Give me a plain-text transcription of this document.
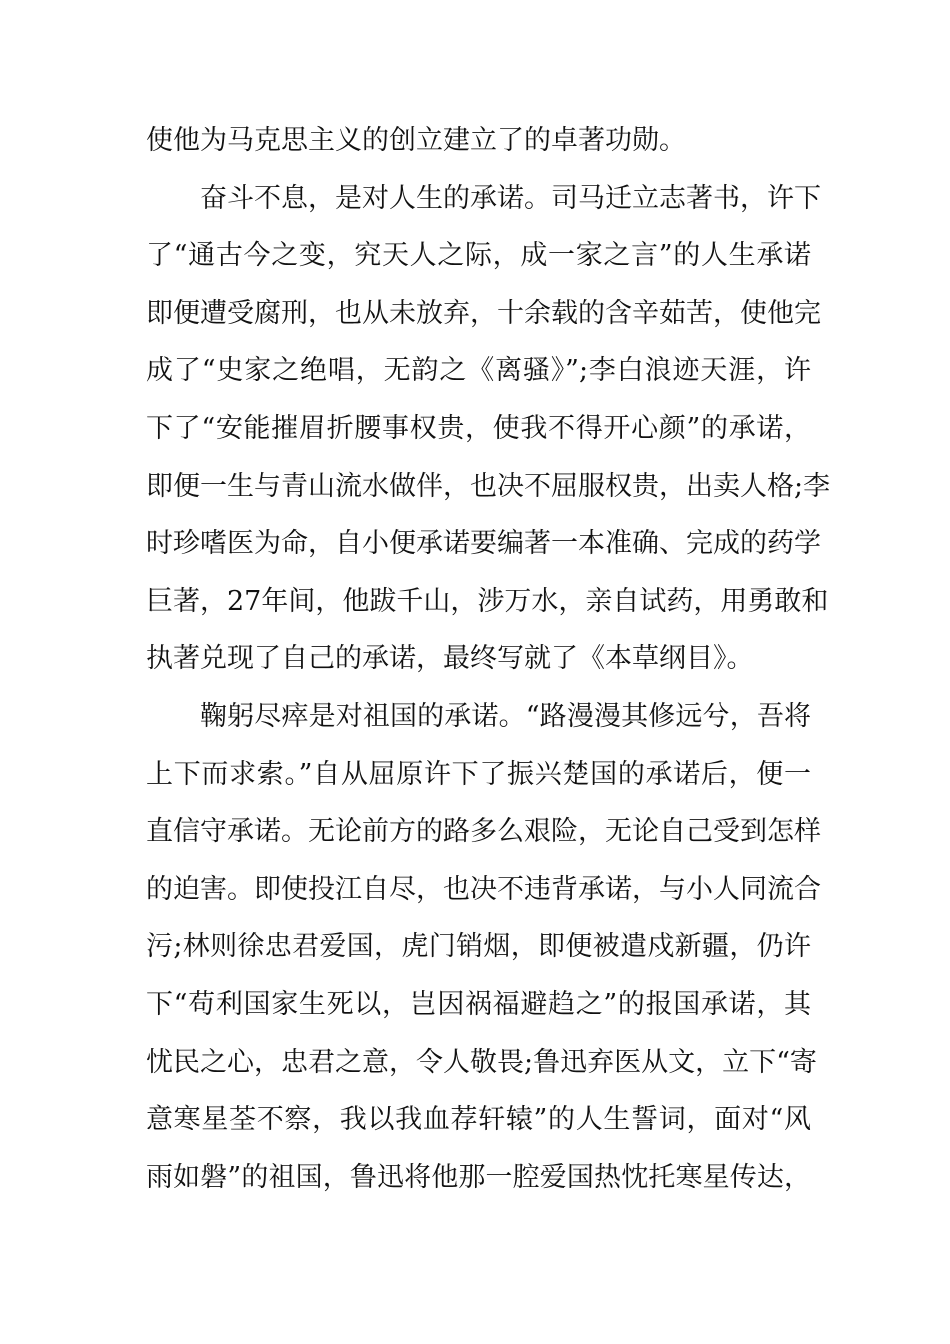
使他为马克思主义的创立建立了的卓著功勋。
奋斗不息，是对人生的承诺。司马迁立志著书，许下
了“通古今之变，究天人之际，成一家之言”的人生承诺
即便遭受腐刑，也从未放弃，十余载的含辛茹苦，使他完
成了“史家之绝唱，无韵之《离骚》”;李白浪迹天涯，许
下了“安能摧眉折腰事权贵，使我不得开心颜”的承诺，
即便一生与青山流水做伴，也决不屈服权贵，出卖人格;李
时珍嗜医为命，自小便承诺要编著一本准确、完成的药学
巨著，27年间，他跋千山，涉万水，亲自试药，用勇敢和
执著兑现了自己的承诺，最终写就了《本草纲目》。
鞠躬尽瘁是对祖国的承诺。“路漫漫其修远兮，吾将
上下而求索。”自从屈原许下了振兴楚国的承诺后，便一
直信守承诺。无论前方的路多么艰险，无论自己受到怎样
的迫害。即使投江自尽，也决不违背承诺，与小人同流合
污;林则徐忠君爱国，虎门销烟，即便被遣戍新疆，仍许
下“苟利国家生死以，岂因祸福避趋之”的报国承诺，其
忧民之心，忠君之意，令人敬畏;鲁迅弃医从文，立下“寄
意寒星荃不察，我以我血荐轩辕”的人生誓词，面对“风
雨如磐”的祖国，鲁迅将他那一腔爱国热忱托寒星传达，
